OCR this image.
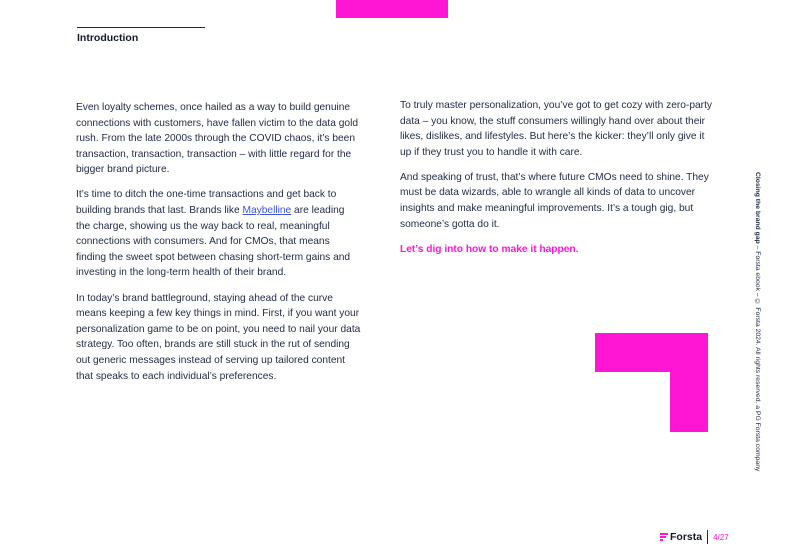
Introduction

Even loyalty schemes, once hailed as a way to build genuine connections with customers, have fallen victim to the data gold rush. From the late 2000s through the COVID chaos, it’s been transaction, transaction, transaction – with little regard for the bigger brand picture.

It’s time to ditch the one-time transactions and get back to building brands that last. Brands like Maybelline are leading the charge, showing us the way back to real, meaningful connections with consumers. And for CMOs, that means finding the sweet spot between chasing short-term gains and investing in the long-term health of their brand.

In today’s brand battleground, staying ahead of the curve means keeping a few key things in mind. First, if you want your personalization game to be on point, you need to nail your data strategy. Too often, brands are still stuck in the rut of sending out generic messages instead of serving up tailored content that speaks to each individual’s preferences.

To truly master personalization, you’ve got to get cozy with zero-party data – you know, the stuff consumers willingly hand over about their likes, dislikes, and lifestyles. But here’s the kicker: they’ll only give it up if they trust you to handle it with care.

And speaking of trust, that’s where future CMOs need to shine. They must be data wizards, able to wrangle all kinds of data to uncover insights and make meaningful improvements. It’s a tough gig, but someone’s gotta do it.

Let’s dig into how to make it happen.

Closing the brand gap – Forsta ebook – © Forsta 2024. All rights reserved. a PG Forsta company
Forsta 4/27
